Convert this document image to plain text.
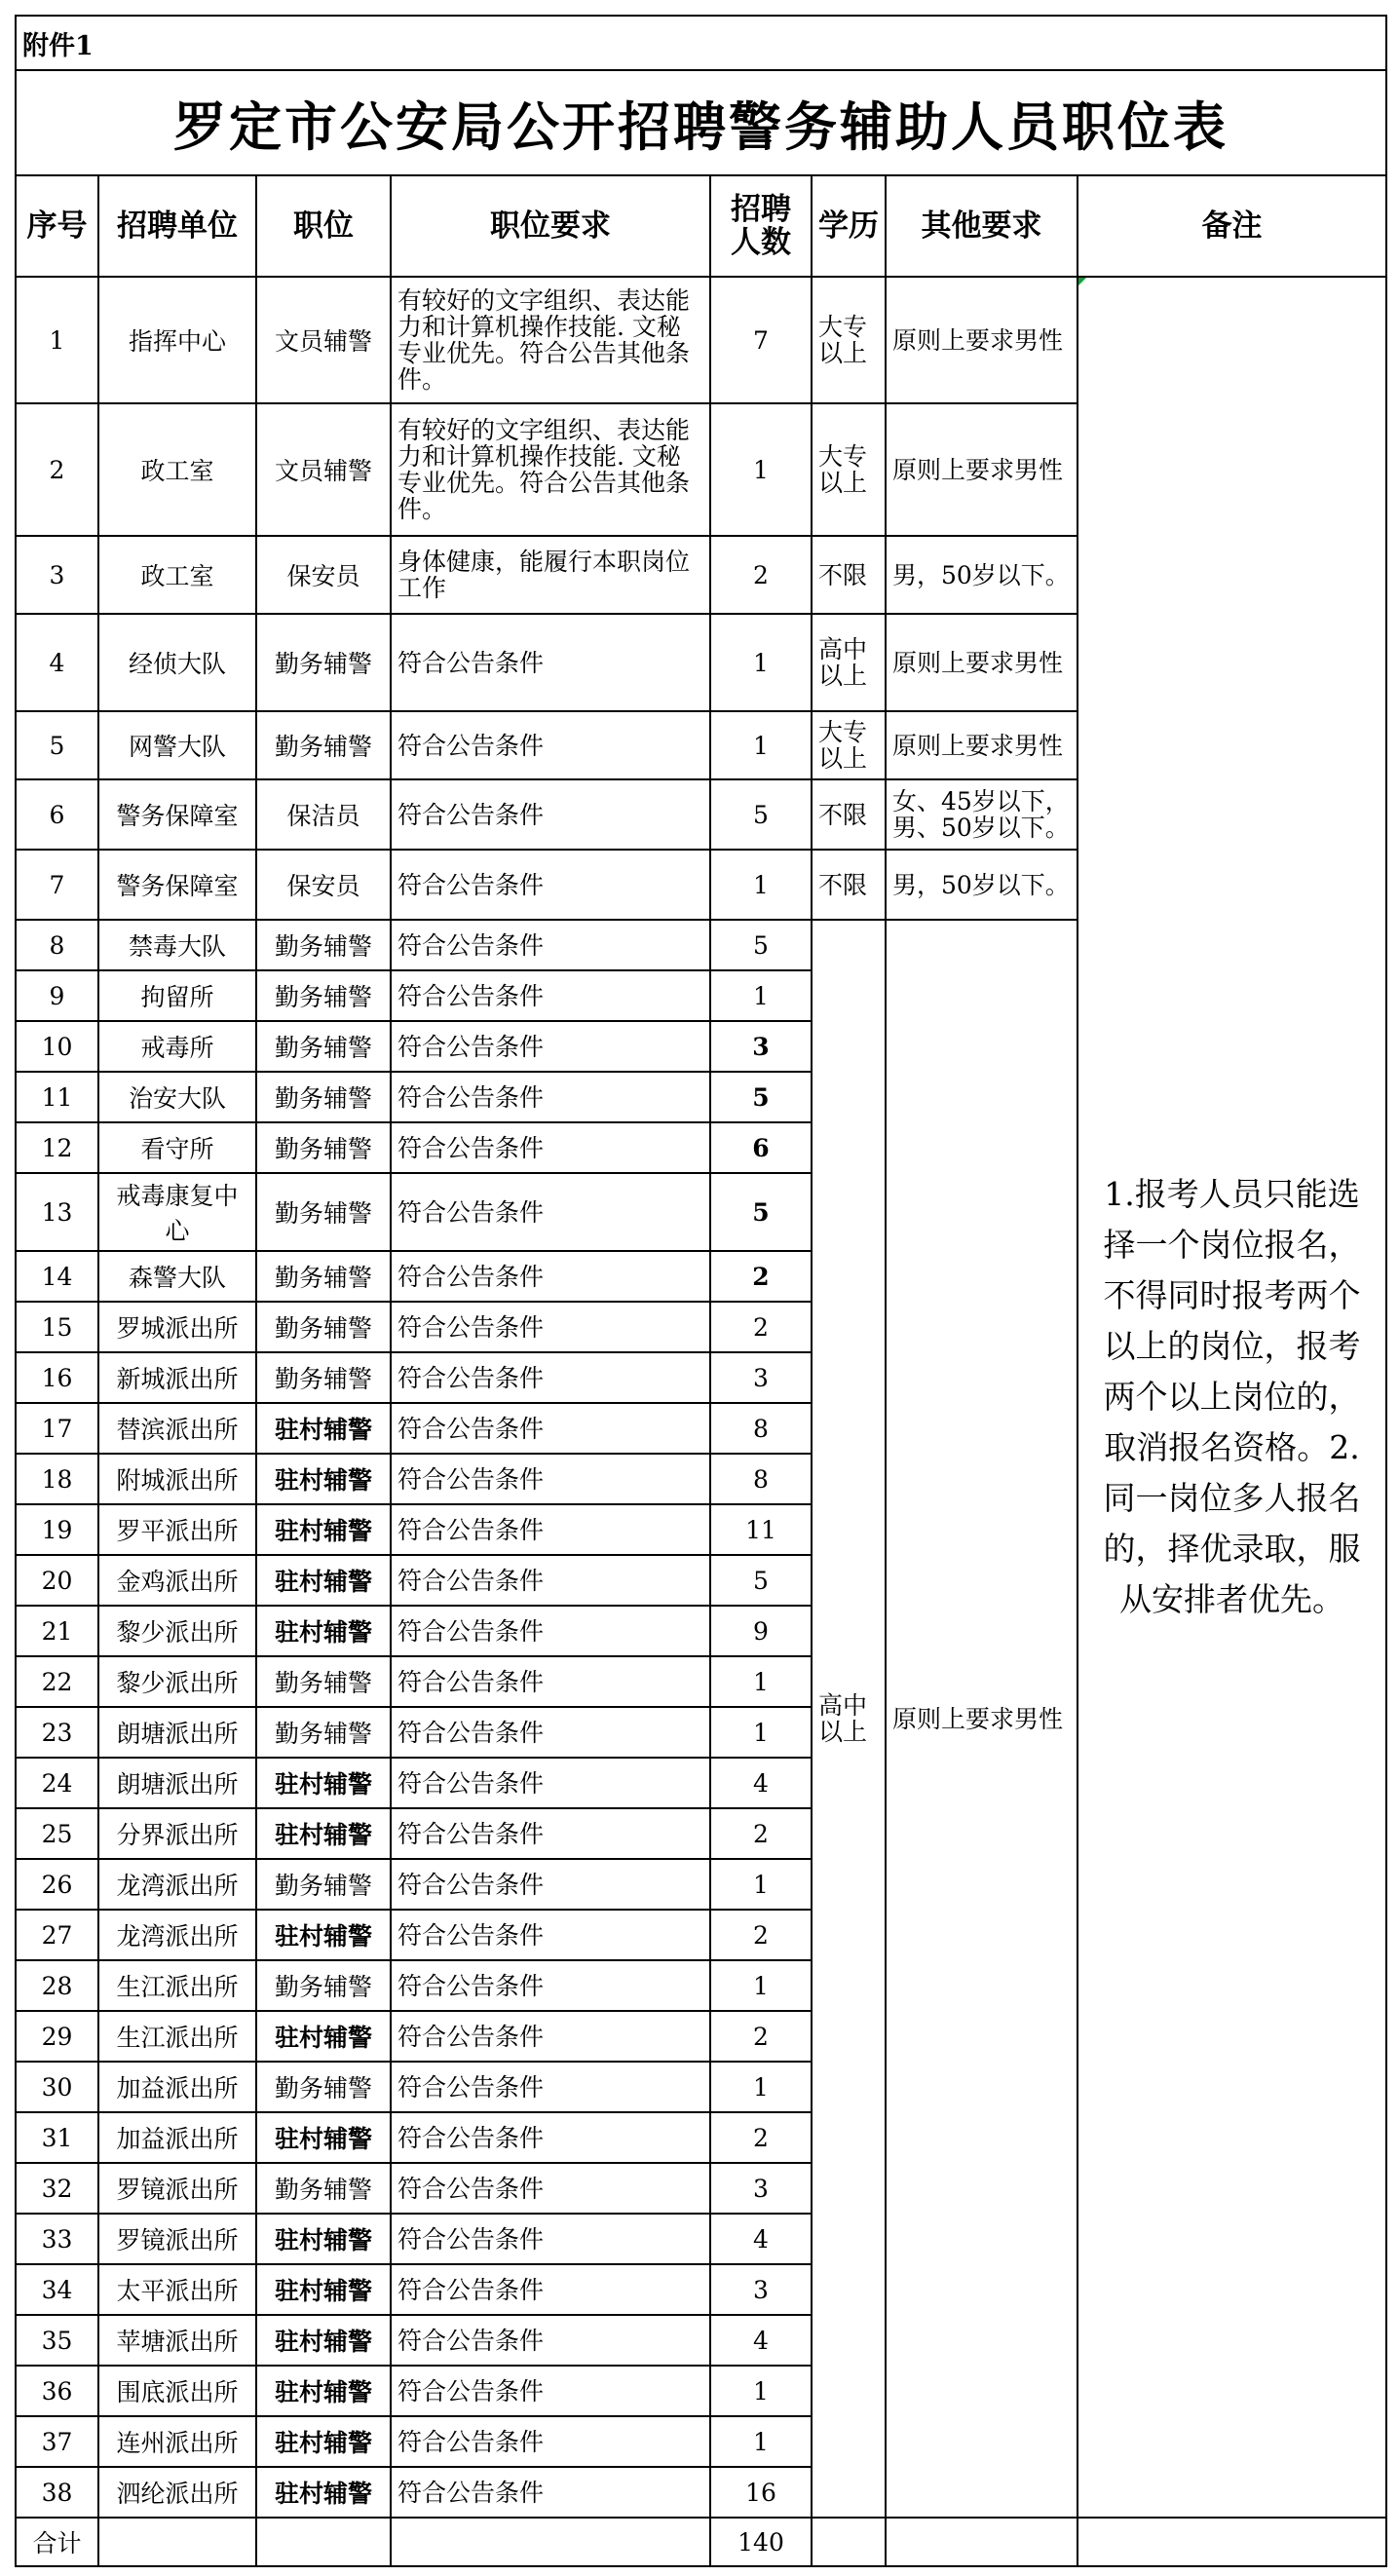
附件1							
罗定市公安局公开招聘警务辅助人员职位表							
序号	招聘单位	职位	职位要求	招聘人数	学历	其他要求	备注
1	指挥中心	文员辅警	有较好的文字组织、表达能力和计算机操作技能. 文秘专业优先。符合公告其他条件。	7	大专以上	原则上要求男性	1.报考人员只能选择一个岗位报名，不得同时报考两个以上的岗位，报考两个以上岗位的，取消报名资格。2.同一岗位多人报名的，择优录取，服从安排者优先。
2	政工室	文员辅警	有较好的文字组织、表达能力和计算机操作技能. 文秘专业优先。符合公告其他条件。	1	大专以上	原则上要求男性	
3	政工室	保安员	身体健康，能履行本职岗位工作	2	不限	男，50岁以下。	
4	经侦大队	勤务辅警	符合公告条件	1	高中以上	原则上要求男性	
5	网警大队	勤务辅警	符合公告条件	1	大专以上	原则上要求男性	
6	警务保障室	保洁员	符合公告条件	5	不限	女、45岁以下，男、50岁以下。	
7	警务保障室	保安员	符合公告条件	1	不限	男，50岁以下。	
8	禁毒大队	勤务辅警	符合公告条件	5	高中以上	原则上要求男性	
9	拘留所	勤务辅警	符合公告条件	1			
10	戒毒所	勤务辅警	符合公告条件	3			
11	治安大队	勤务辅警	符合公告条件	5			
12	看守所	勤务辅警	符合公告条件	6			
13	戒毒康复中心	勤务辅警	符合公告条件	5			
14	森警大队	勤务辅警	符合公告条件	2			
15	罗城派出所	勤务辅警	符合公告条件	2			
16	新城派出所	勤务辅警	符合公告条件	3			
17	替滨派出所	驻村辅警	符合公告条件	8			
18	附城派出所	驻村辅警	符合公告条件	8			
19	罗平派出所	驻村辅警	符合公告条件	11			
20	金鸡派出所	驻村辅警	符合公告条件	5			
21	黎少派出所	驻村辅警	符合公告条件	9			
22	黎少派出所	勤务辅警	符合公告条件	1			
23	朗塘派出所	勤务辅警	符合公告条件	1			
24	朗塘派出所	驻村辅警	符合公告条件	4			
25	分界派出所	驻村辅警	符合公告条件	2			
26	龙湾派出所	勤务辅警	符合公告条件	1			
27	龙湾派出所	驻村辅警	符合公告条件	2			
28	生江派出所	勤务辅警	符合公告条件	1			
29	生江派出所	驻村辅警	符合公告条件	2			
30	加益派出所	勤务辅警	符合公告条件	1			
31	加益派出所	驻村辅警	符合公告条件	2			
32	罗镜派出所	勤务辅警	符合公告条件	3			
33	罗镜派出所	驻村辅警	符合公告条件	4			
34	太平派出所	驻村辅警	符合公告条件	3			
35	苹塘派出所	驻村辅警	符合公告条件	4			
36	围底派出所	驻村辅警	符合公告条件	1			
37	连州派出所	驻村辅警	符合公告条件	1			
38	泗纶派出所	驻村辅警	符合公告条件	16			
合计				140			
